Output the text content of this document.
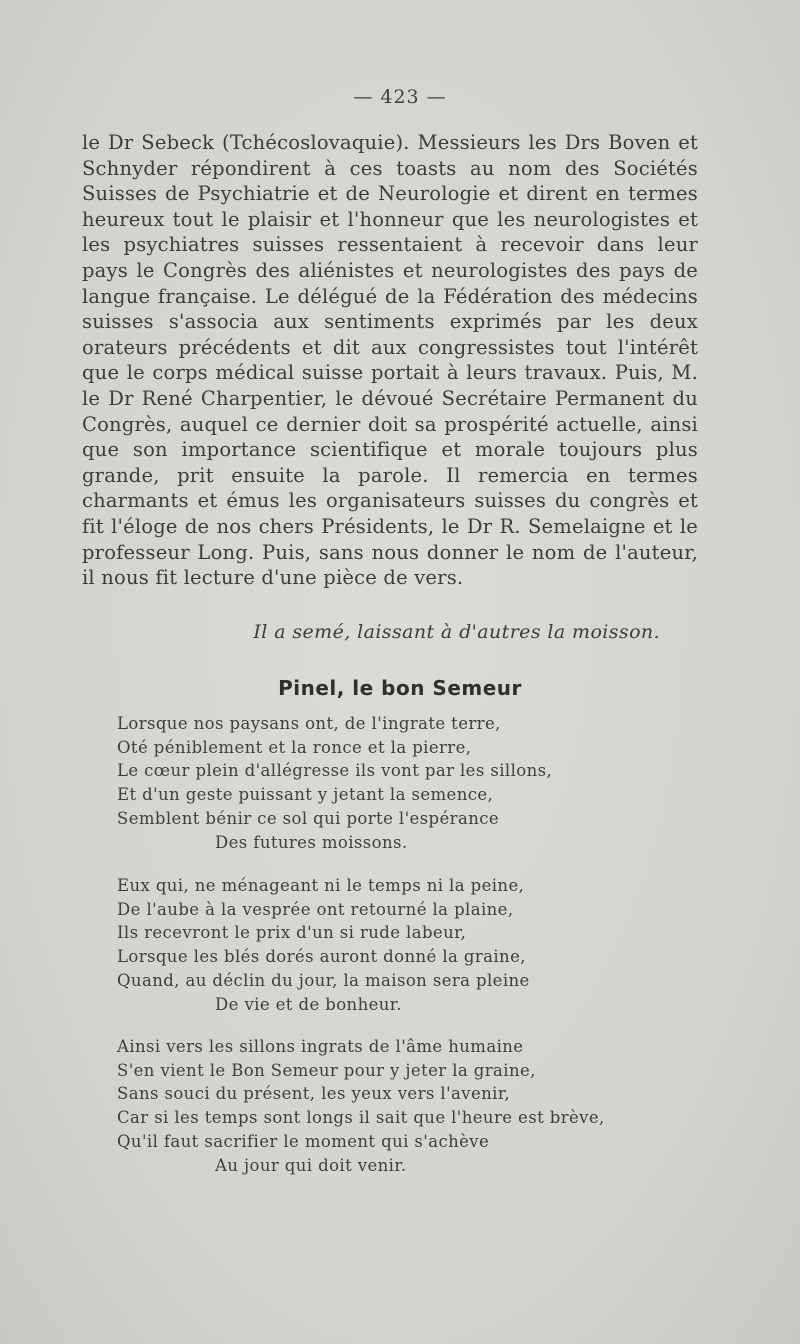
— 423 —

le Dr Sebeck (Tchécoslovaquie). Messieurs les Drs Boven et Schnyder répondirent à ces toasts au nom des Sociétés Suisses de Psychiatrie et de Neurologie et dirent en termes heureux tout le plaisir et l'honneur que les neurologistes et les psychiatres suisses ressentaient à recevoir dans leur pays le Congrès des aliénistes et neurologistes des pays de langue française. Le délégué de la Fédération des médecins suisses s'associa aux sentiments exprimés par les deux orateurs précédents et dit aux congressistes tout l'intérêt que le corps médical suisse portait à leurs travaux. Puis, M. le Dr René Charpentier, le dévoué Secrétaire Permanent du Congrès, auquel ce dernier doit sa prospérité actuelle, ainsi que son importance scientifique et morale toujours plus grande, prit ensuite la parole. Il remercia en termes charmants et émus les organisateurs suisses du congrès et fit l'éloge de nos chers Présidents, le Dr R. Semelaigne et le professeur Long. Puis, sans nous donner le nom de l'auteur, il nous fit lecture d'une pièce de vers.

Il a semé, laissant à d'autres la moisson.
Pinel, le bon Semeur
Lorsque nos paysans ont, de l'ingrate terre,
Oté péniblement et la ronce et la pierre,
Le cœur plein d'allégresse ils vont par les sillons,
Et d'un geste puissant y jetant la semence,
Semblent bénir ce sol qui porte l'espérance
Des futures moissons.
Eux qui, ne ménageant ni le temps ni la peine,
De l'aube à la vesprée ont retourné la plaine,
Ils recevront le prix d'un si rude labeur,
Lorsque les blés dorés auront donné la graine,
Quand, au déclin du jour, la maison sera pleine
De vie et de bonheur.
Ainsi vers les sillons ingrats de l'âme humaine
S'en vient le Bon Semeur pour y jeter la graine,
Sans souci du présent, les yeux vers l'avenir,
Car si les temps sont longs il sait que l'heure est brève,
Qu'il faut sacrifier le moment qui s'achève
Au jour qui doit venir.
